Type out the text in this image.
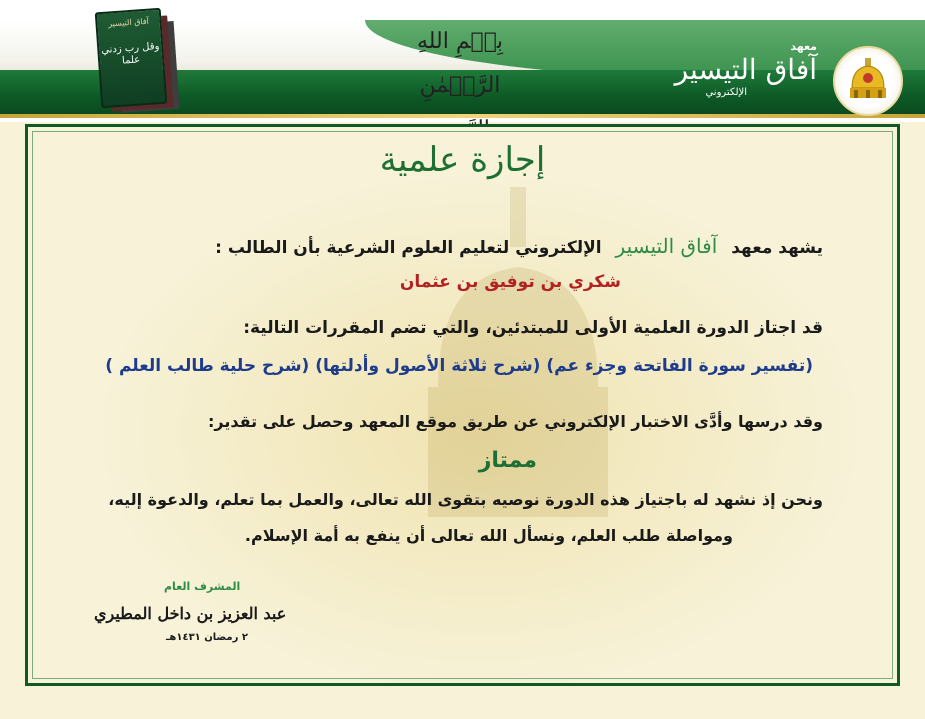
بِسۡمِ اللهِ الرَّحۡمٰنِ
آفاق التيسير
وقل رب زدني علما
معهد
آفاق التيسير
الإلكتروني
إجازة علمية
يشهد معهد آفاق التيسير الإلكتروني لتعليم العلوم الشرعية بأن الطالب :
شكري بن توفيق بن عثمان
قد اجتاز الدورة العلمية الأولى للمبتدئين، والتي تضم المقررات التالية:
(تفسير سورة الفاتحة وجزء عم) (شرح ثلاثة الأصول وأدلتها) (شرح حلية طالب العلم )
وقد درسها وأدَّى الاختبار الإلكتروني عن طريق موقع المعهد وحصل على تقدير:
ممتاز
ونحن إذ نشهد له باجتياز هذه الدورة نوصيه بتقوى الله تعالى، والعمل بما تعلم، والدعوة إليه،
ومواصلة طلب العلم، ونسأل الله تعالى أن ينفع به أمة الإسلام.
المشرف العام
عبد العزيز بن داخل المطيري
٢ رمضان ١٤٣١هـ
